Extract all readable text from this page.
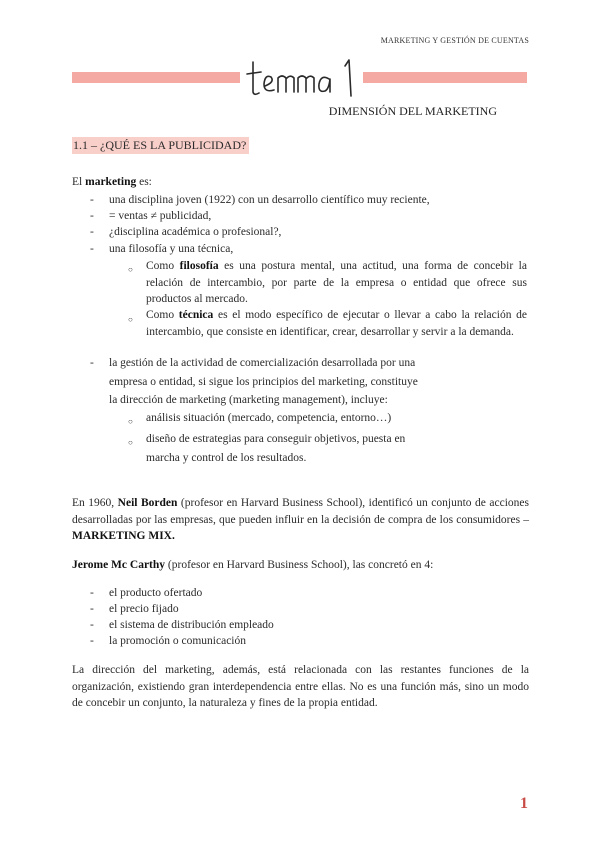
MARKETING Y GESTIÓN DE CUENTAS
DIMENSIÓN DEL MARKETING
1.1 – ¿QUÉ ES LA PUBLICIDAD?
El marketing es:
- una disciplina joven (1922) con un desarrollo científico muy reciente,
- = ventas ≠ publicidad,
- ¿disciplina académica o profesional?,
- una filosofía y una técnica,
○ Como filosofía es una postura mental, una actitud, una forma de concebir la relación de intercambio, por parte de la empresa o entidad que ofrece sus productos al mercado.
○ Como técnica es el modo específico de ejecutar o llevar a cabo la relación de intercambio, que consiste en identificar, crear, desarrollar y servir a la demanda.
- la gestión de la actividad de comercialización desarrollada por una
empresa o entidad, si sigue los principios del marketing, constituye
la dirección de marketing (marketing management), incluye:
○ análisis situación (mercado, competencia, entorno…)
○ diseño de estrategias para conseguir objetivos, puesta en
marcha y control de los resultados.
En 1960, Neil Borden (profesor en Harvard Business School), identificó un conjunto de acciones desarrolladas por las empresas, que pueden influir en la decisión de compra de los consumidores – MARKETING MIX.
Jerome Mc Carthy (profesor en Harvard Business School), las concretó en 4:
- el producto ofertado
- el precio fijado
- el sistema de distribución empleado
- la promoción o comunicación
La dirección del marketing, además, está relacionada con las restantes funciones de la organización, existiendo gran interdependencia entre ellas. No es una función más, sino un modo de concebir un conjunto, la naturaleza y fines de la propia entidad.
1
